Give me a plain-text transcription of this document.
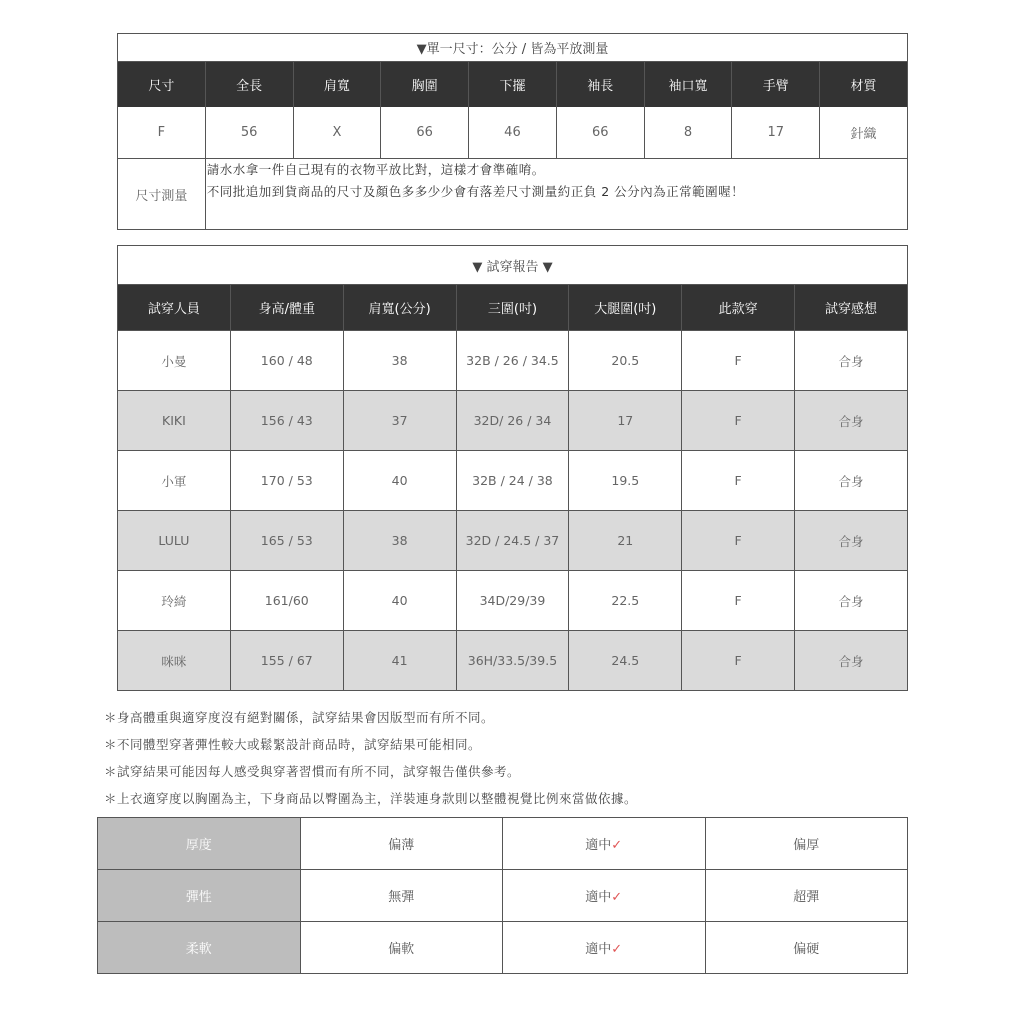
▼單一尺寸：公分 / 皆為平放測量								
尺寸	全長	肩寬	胸圍	下擺	袖長	袖口寬	手臂	材質
F	56	X	66	46	66	8	17	針織
尺寸測量	請水水拿一件自己現有的衣物平放比對，這樣才會準確唷。
不同批追加到貨商品的尺寸及顏色多多少少會有落差尺寸測量約正負 2 公分內為正常範圍喔！							
▼ 試穿報告 ▼						
試穿人員	身高/體重	肩寬(公分)	三圍(吋)	大腿圍(吋)	此款穿	試穿感想
小曼	160 / 48	38	32B / 26 / 34.5	20.5	F	合身
KIKI	156 / 43	37	32D/ 26 / 34	17	F	合身
小軍	170 / 53	40	32B / 24 / 38	19.5	F	合身
LULU	165 / 53	38	32D / 24.5 / 37	21	F	合身
玲綺	161/60	40	34D/29/39	22.5	F	合身
咪咪	155 / 67	41	36H/33.5/39.5	24.5	F	合身
＊身高體重與適穿度沒有絕對關係，試穿結果會因版型而有所不同。
＊不同體型穿著彈性較大或鬆緊設計商品時，試穿結果可能相同。
＊試穿結果可能因每人感受與穿著習慣而有所不同，試穿報告僅供參考。
＊上衣適穿度以胸圍為主，下身商品以臀圍為主，洋裝連身款則以整體視覺比例來當做依據。
厚度	偏薄	適中✓	偏厚
彈性	無彈	適中✓	超彈
柔軟	偏軟	適中✓	偏硬
